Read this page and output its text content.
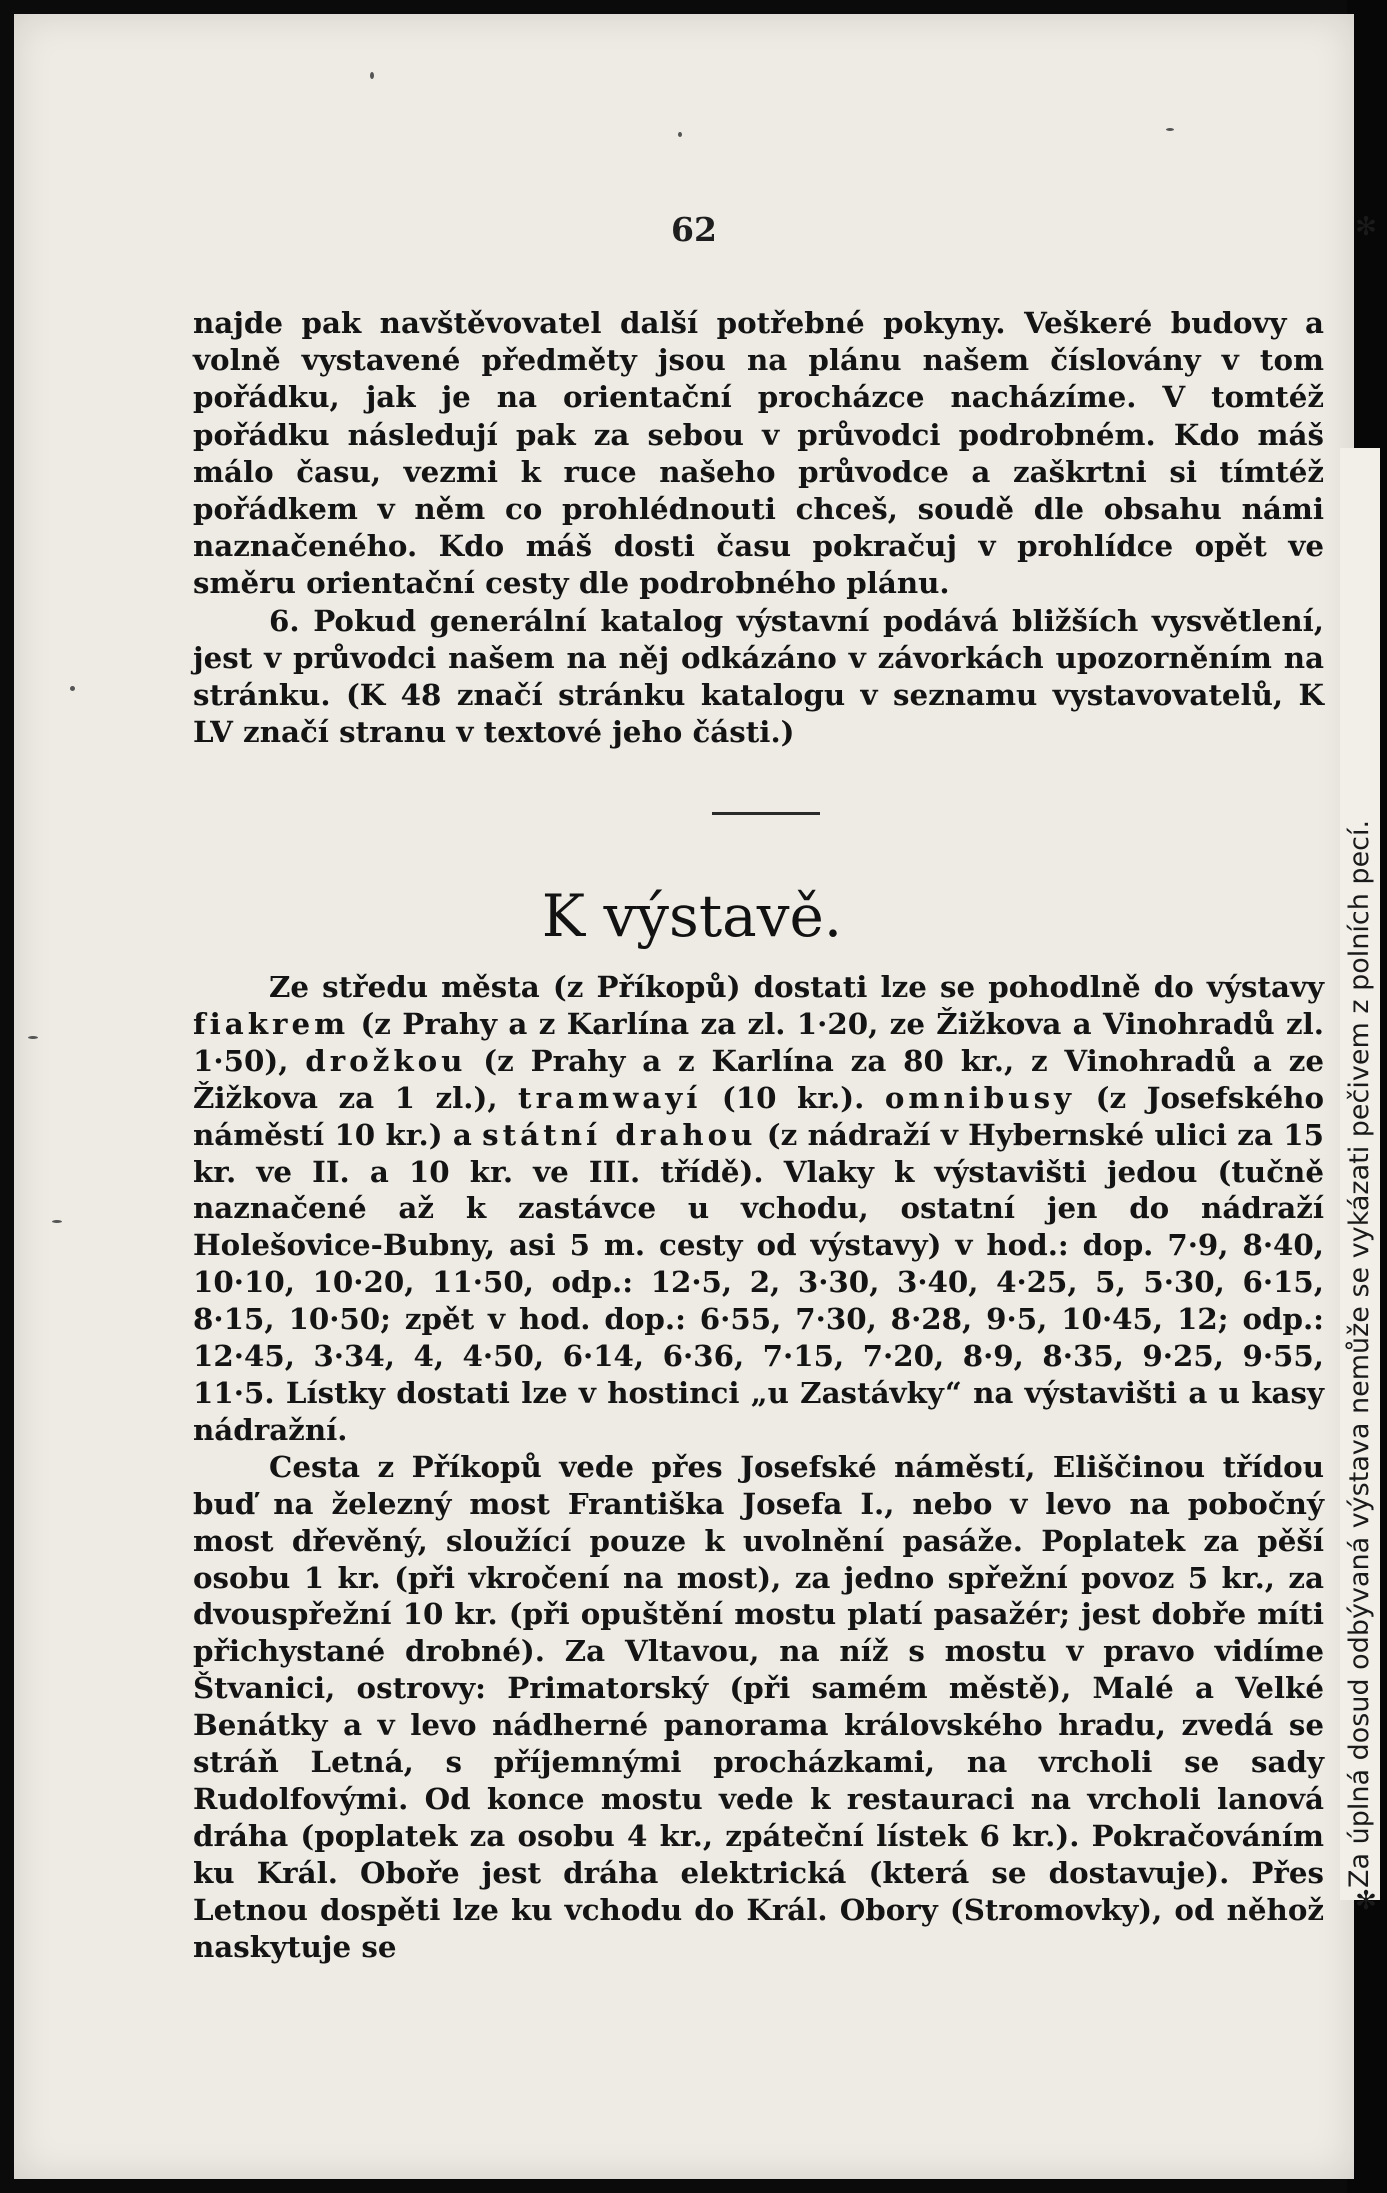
62

najde pak navštěvovatel další potřebné pokyny. Veškeré budovy a volně vystavené předměty jsou na plánu našem číslovány v tom pořádku, jak je na orientační procházce nacházíme. V tomtéž pořádku následují pak za sebou v průvodci podrobném. Kdo máš málo času, vezmi k ruce našeho průvodce a zaškrtni si tímtéž pořádkem v něm co prohlédnouti chceš, soudě dle obsahu námi naznačeného. Kdo máš dosti času pokračuj v prohlídce opět ve směru orientační cesty dle podrobného plánu.

6. Pokud generální katalog výstavní podává bližších vysvětlení, jest v průvodci našem na něj odkázáno v závorkách upozorněním na stránku. (K 48 značí stránku katalogu v seznamu vystavovatelů, K LV značí stranu v textové jeho části.)

K výstavě.

Ze středu města (z Příkopů) dostati lze se pohodlně do výstavy fiakrem (z Prahy a z Karlína za zl. 1·20, ze Žižkova a Vinohradů zl. 1·50), drožkou (z Prahy a z Karlína za 80 kr., z Vinohradů a ze Žižkova za 1 zl.), tramwayí (10 kr.). omnibusy (z Josefského náměstí 10 kr.) a státní drahou (z nádraží v Hybernské ulici za 15 kr. ve II. a 10 kr. ve III. třídě). Vlaky k výstavišti jedou (tučně naznačené až k zastávce u vchodu, ostatní jen do nádraží Holešovice-Bubny, asi 5 m. cesty od výstavy) v hod.: dop. 7·9, 8·40, 10·10, 10·20, 11·50, odp.: 12·5, 2, 3·30, 3·40, 4·25, 5, 5·30, 6·15, 8·15, 10·50; zpět v hod. dop.: 6·55, 7·30, 8·28, 9·5, 10·45, 12; odp.: 12·45, 3·34, 4, 4·50, 6·14, 6·36, 7·15, 7·20, 8·9, 8·35, 9·25, 9·55, 11·5. Lístky dostati lze v hostinci „u Zastávky“ na výstavišti a u kasy nádražní.

Cesta z Příkopů vede přes Josefské náměstí, Eliščinou třídou buď na železný most Františka Josefa I., nebo v levo na pobočný most dřevěný, sloužící pouze k uvolnění pasáže. Poplatek za pěší osobu 1 kr. (při vkročení na most), za jedno spřežní povoz 5 kr., za dvouspřežní 10 kr. (při opuštění mostu platí pasažér; jest dobře míti přichystané drobné). Za Vltavou, na níž s mostu v pravo vidíme Štvanici, ostrovy: Primatorský (při samém městě), Malé a Velké Benátky a v levo nádherné panorama královského hradu, zvedá se stráň Letná, s příjemnými procházkami, na vrcholi se sady Rudolfovými. Od konce mostu vede k restauraci na vrcholi lanová dráha (poplatek za osobu 4 kr., zpáteční lístek 6 kr.). Pokračováním ku Král. Oboře jest dráha elektrická (která se dostavuje). Přes Letnou dospěti lze ku vchodu do Král. Obory (Stromovky), od něhož naskytuje se

Za úplná dosud odbývaná výstava nemůže se vykázati pečivem z polních pecí.
✻
✻
